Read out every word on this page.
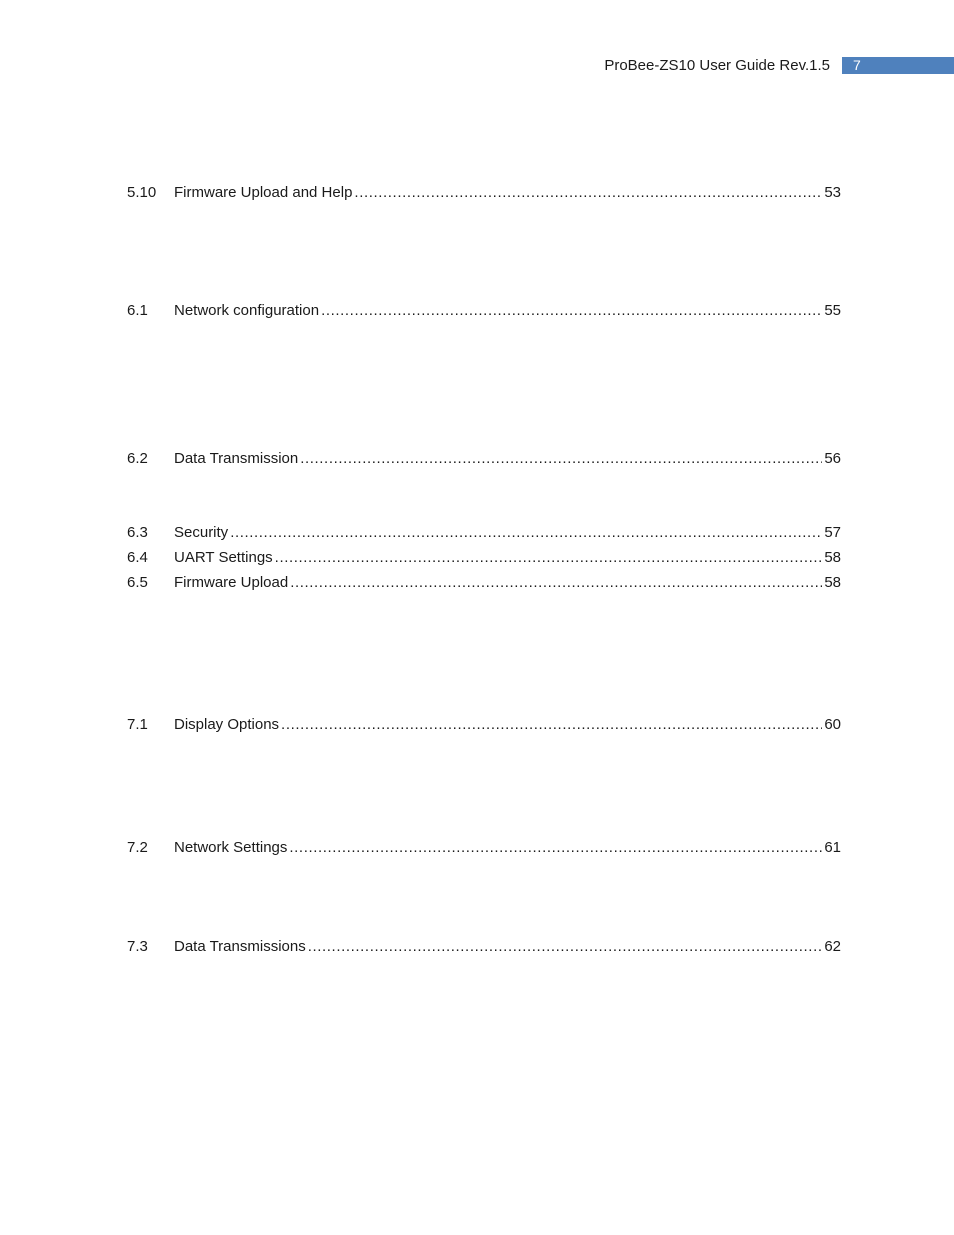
ProBee-ZS10 User Guide Rev.1.5	7
5.10	Firmware Upload and Help .....	53
6.1	Network configuration .....	55
6.2	Data Transmission .....	56
6.3	Security .....	57
6.4	UART Settings .....	58
6.5	Firmware Upload .....	58
7.1	Display Options .....	60
7.2	Network Settings .....	61
7.3	Data Transmissions .....	62
